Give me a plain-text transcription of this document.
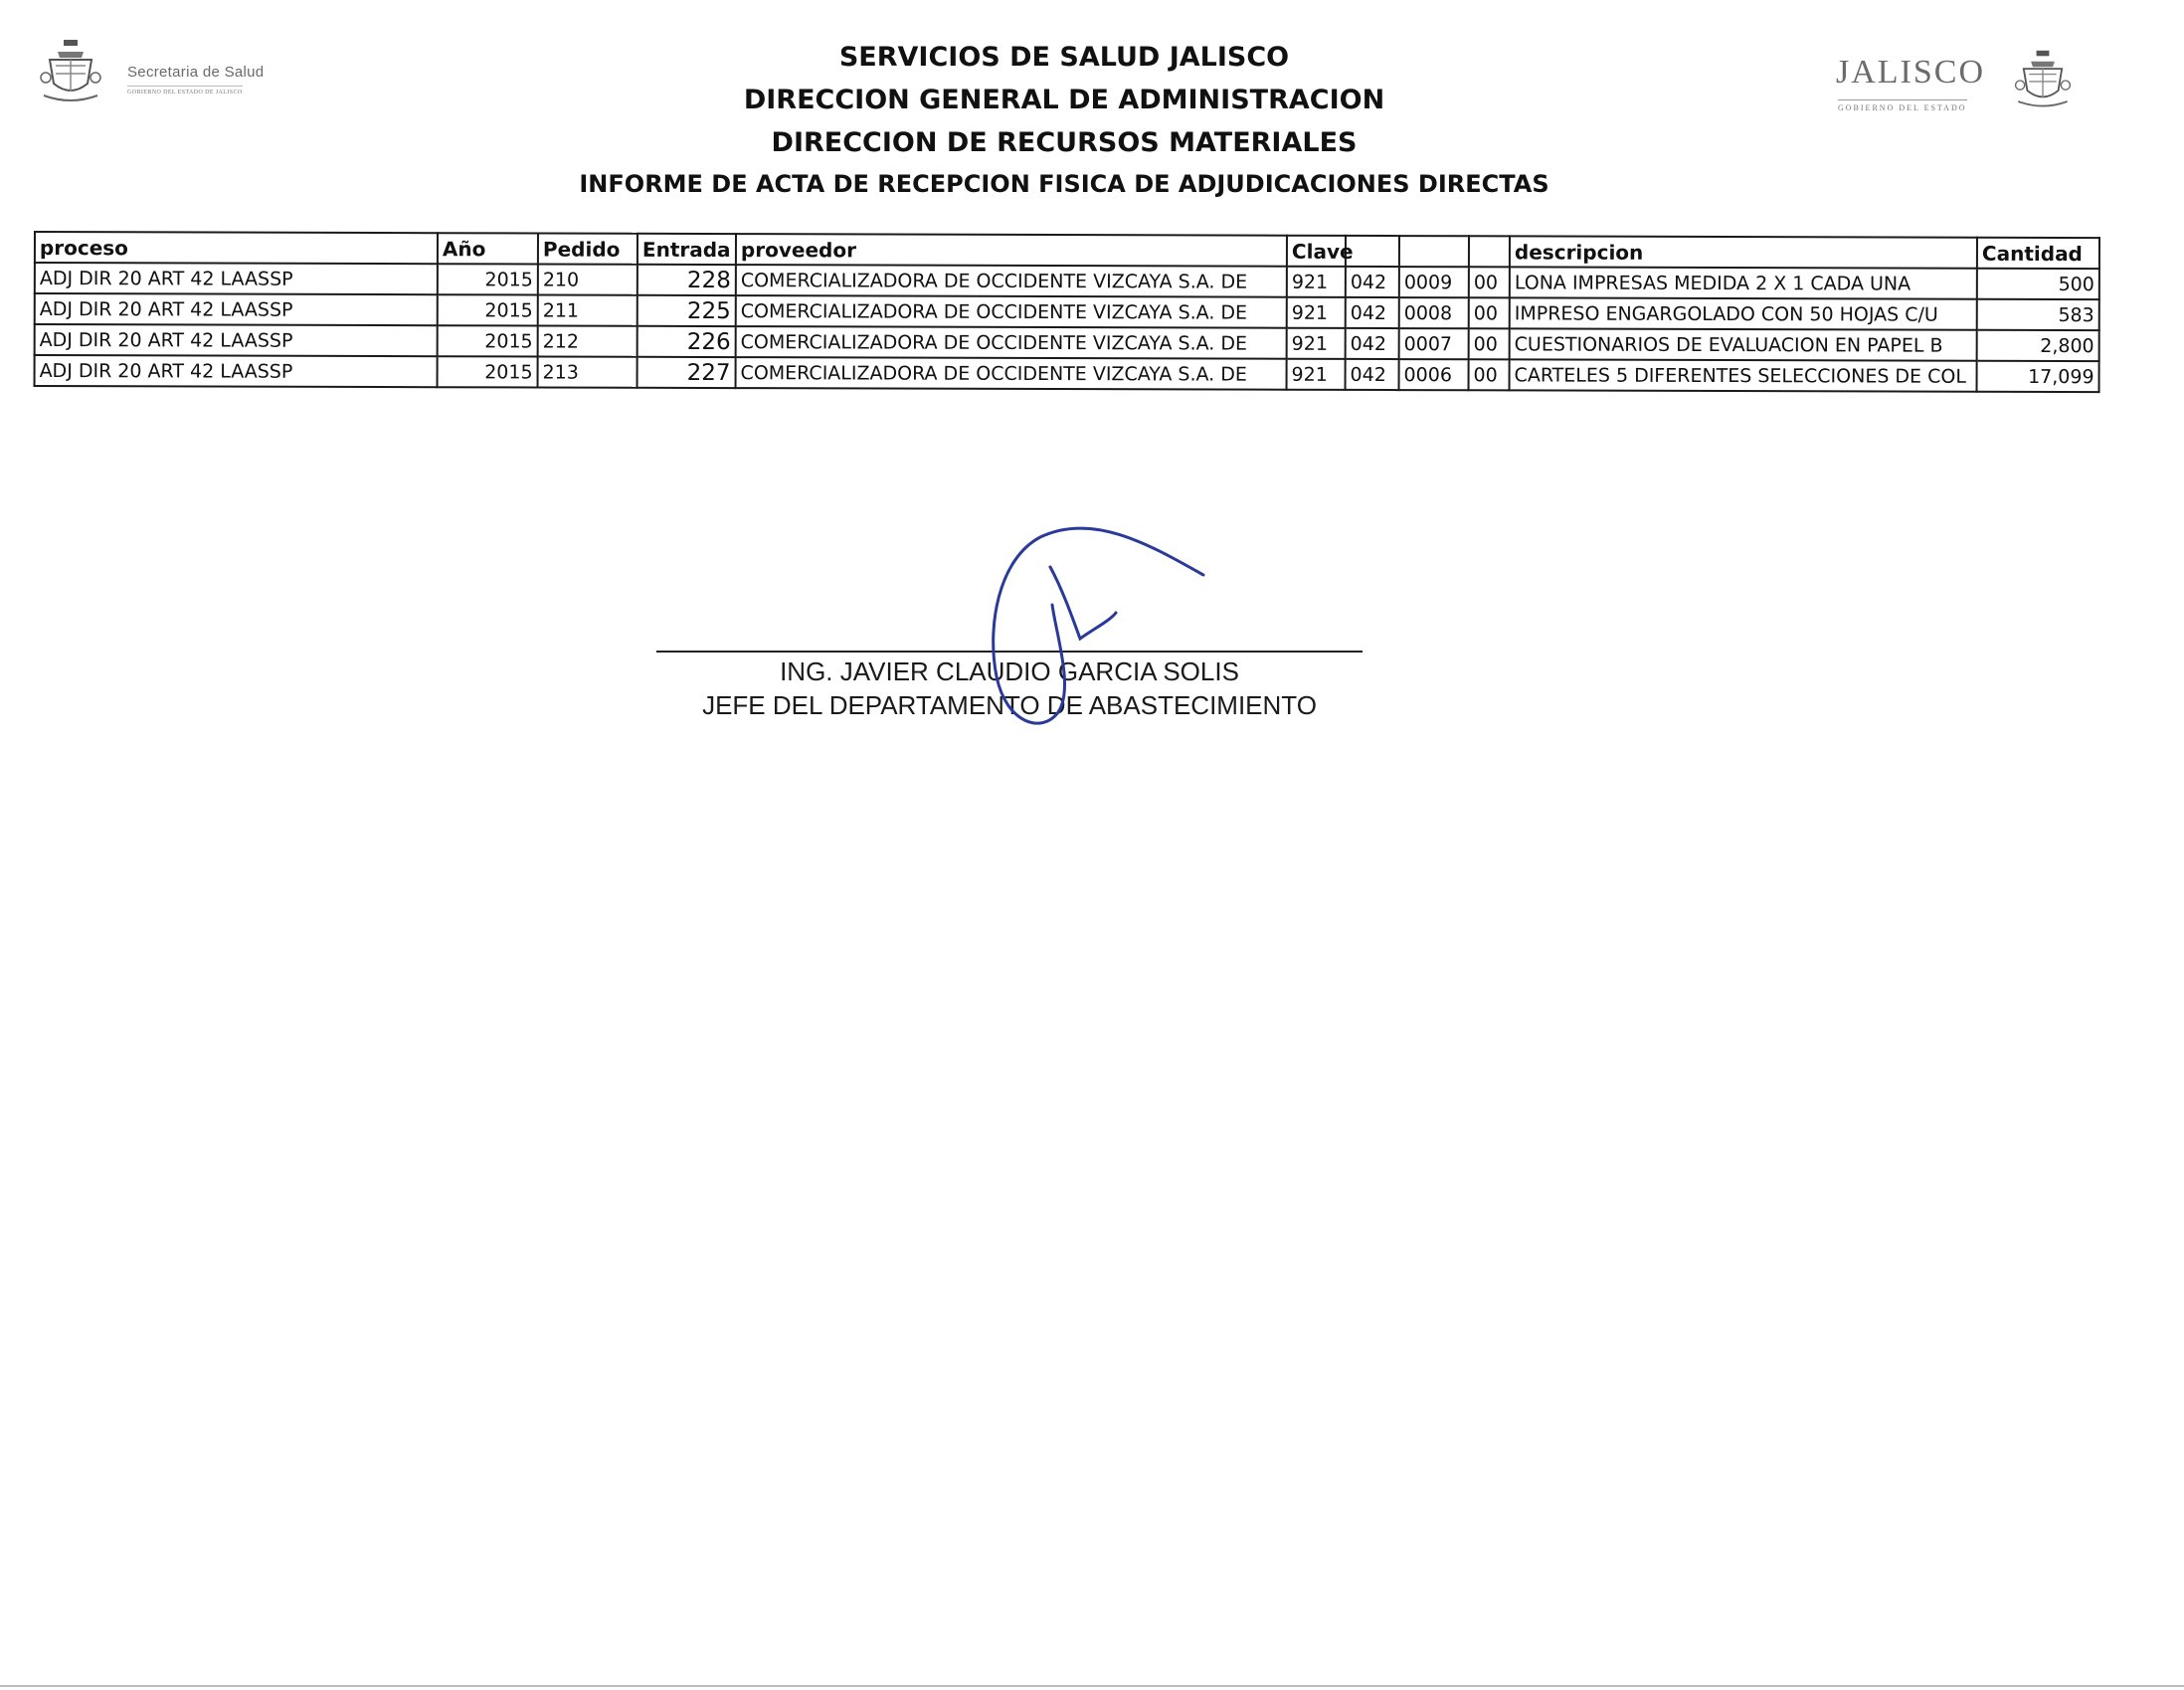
Secretaria de Salud
GOBIERNO DEL ESTADO DE JALISCO
JALISCO
GOBIERNO DEL ESTADO
SERVICIOS DE SALUD JALISCO
DIRECCION GENERAL DE ADMINISTRACION
DIRECCION DE RECURSOS MATERIALES
INFORME DE ACTA DE RECEPCION FISICA DE ADJUDICACIONES DIRECTAS
proceso	Año	Pedido	Entrada	proveedor	Clave				descripcion	Cantidad
ADJ DIR 20 ART 42 LAASSP	2015	210	228	COMERCIALIZADORA DE OCCIDENTE VIZCAYA S.A. DE	921	042	0009	00	LONA IMPRESAS MEDIDA 2 X 1 CADA UNA	500
ADJ DIR 20 ART 42 LAASSP	2015	211	225	COMERCIALIZADORA DE OCCIDENTE VIZCAYA S.A. DE	921	042	0008	00	IMPRESO ENGARGOLADO CON 50 HOJAS C/U	583
ADJ DIR 20 ART 42 LAASSP	2015	212	226	COMERCIALIZADORA DE OCCIDENTE VIZCAYA S.A. DE	921	042	0007	00	CUESTIONARIOS DE EVALUACION EN PAPEL B	2,800
ADJ DIR 20 ART 42 LAASSP	2015	213	227	COMERCIALIZADORA DE OCCIDENTE VIZCAYA S.A. DE	921	042	0006	00	CARTELES 5 DIFERENTES SELECCIONES DE COL	17,099
ING. JAVIER CLAUDIO GARCIA SOLIS
JEFE DEL DEPARTAMENTO DE ABASTECIMIENTO
